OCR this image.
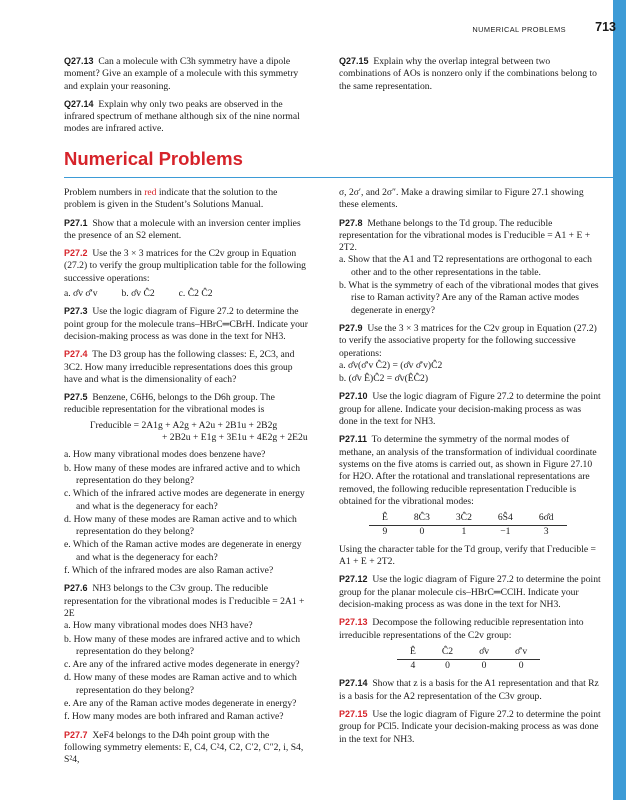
NUMERICAL PROBLEMS 713

Q27.13 Can a molecule with C3h symmetry have a dipole moment? Give an example of a molecule with this symmetry and explain your reasoning.

Q27.14 Explain why only two peaks are observed in the infrared spectrum of methane although six of the nine normal modes are infrared active.

Q27.15 Explain why the overlap integral between two combinations of AOs is nonzero only if the combinations belong to the same representation.

Numerical Problems

Problem numbers in red indicate that the solution to the problem is given in the Student’s Solutions Manual.

P27.1 Show that a molecule with an inversion center implies the presence of an S2 element.

P27.2 Use the 3 × 3 matrices for the C2v group in Equation (27.2) to verify the group multiplication table for the following successive operations:

a. σ̂v σ̂′v	b. σ̂v Ĉ2	c. Ĉ2 Ĉ2

P27.3 Use the logic diagram of Figure 27.2 to determine the point group for the molecule trans–HBrC═CBrH. Indicate your decision-making process as was done in the text for NH3.

P27.4 The D3 group has the following classes: E, 2C3, and 3C2. How many irreducible representations does this group have and what is the dimensionality of each?

P27.5 Benzene, C6H6, belongs to the D6h group. The reducible representation for the vibrational modes is

Γreducible = 2A1g + A2g + A2u + 2B1u + 2B2g
+ 2B2u + E1g + 3E1u + 4E2g + 2E2u

a. How many vibrational modes does benzene have?

b. How many of these modes are infrared active and to which representation do they belong?

c. Which of the infrared active modes are degenerate in energy and what is the degeneracy for each?

d. How many of these modes are Raman active and to which representation do they belong?

e. Which of the Raman active modes are degenerate in energy and what is the degeneracy for each?

f. Which of the infrared modes are also Raman active?

P27.6 NH3 belongs to the C3v group. The reducible representation for the vibrational modes is Γreducible = 2A1 + 2E

a. How many vibrational modes does NH3 have?

b. How many of these modes are infrared active and to which representation do they belong?

c. Are any of the infrared active modes degenerate in energy?

d. How many of these modes are Raman active and to which representation do they belong?

e. Are any of the Raman active modes degenerate in energy?

f. How many modes are both infrared and Raman active?

P27.7 XeF4 belongs to the D4h point group with the following symmetry elements: E, C4, C²4, C2, C′2, C″2, i, S4, S²4,

σ, 2σ′, and 2σ″. Make a drawing similar to Figure 27.1 showing these elements.

P27.8 Methane belongs to the Td group. The reducible representation for the vibrational modes is Γreducible = A1 + E + 2T2.

a. Show that the A1 and T2 representations are orthogonal to each other and to the other representations in the table.

b. What is the symmetry of each of the vibrational modes that gives rise to Raman activity? Are any of the Raman active modes degenerate in energy?

P27.9 Use the 3 × 3 matrices for the C2v group in Equation (27.2) to verify the associative property for the following successive operations:

a. σ̂v(σ̂′v Ĉ2) = (σ̂v σ̂′v)Ĉ2

b. (σ̂v Ê)Ĉ2 = σ̂v(ÊĈ2)

P27.10 Use the logic diagram of Figure 27.2 to determine the point group for allene. Indicate your decision-making process as was done in the text for NH3.

P27.11 To determine the symmetry of the normal modes of methane, an analysis of the transformation of individual coordinate systems on the five atoms is carried out, as shown in Figure 27.10 for H2O. After the rotational and translational representations are removed, the following reducible representation Γreducible is obtained for the vibrational modes:

Ê	8Ĉ3	3Ĉ2	6Ŝ4	6σ̂d
9	0	1	−1	3

Using the character table for the Td group, verify that Γreducible = A1 + E + 2T2.

P27.12 Use the logic diagram of Figure 27.2 to determine the point group for the planar molecule cis–HBrC═CClH. Indicate your decision-making process as was done in the text for NH3.

P27.13 Decompose the following reducible representation into irreducible representations of the C2v group:

Ê	Ĉ2	σ̂v	σ̂′v
4	0	0	0

P27.14 Show that z is a basis for the A1 representation and that Rz is a basis for the A2 representation of the C3v group.

P27.15 Use the logic diagram of Figure 27.2 to determine the point group for PCl5. Indicate your decision-making process as was done in the text for NH3.
